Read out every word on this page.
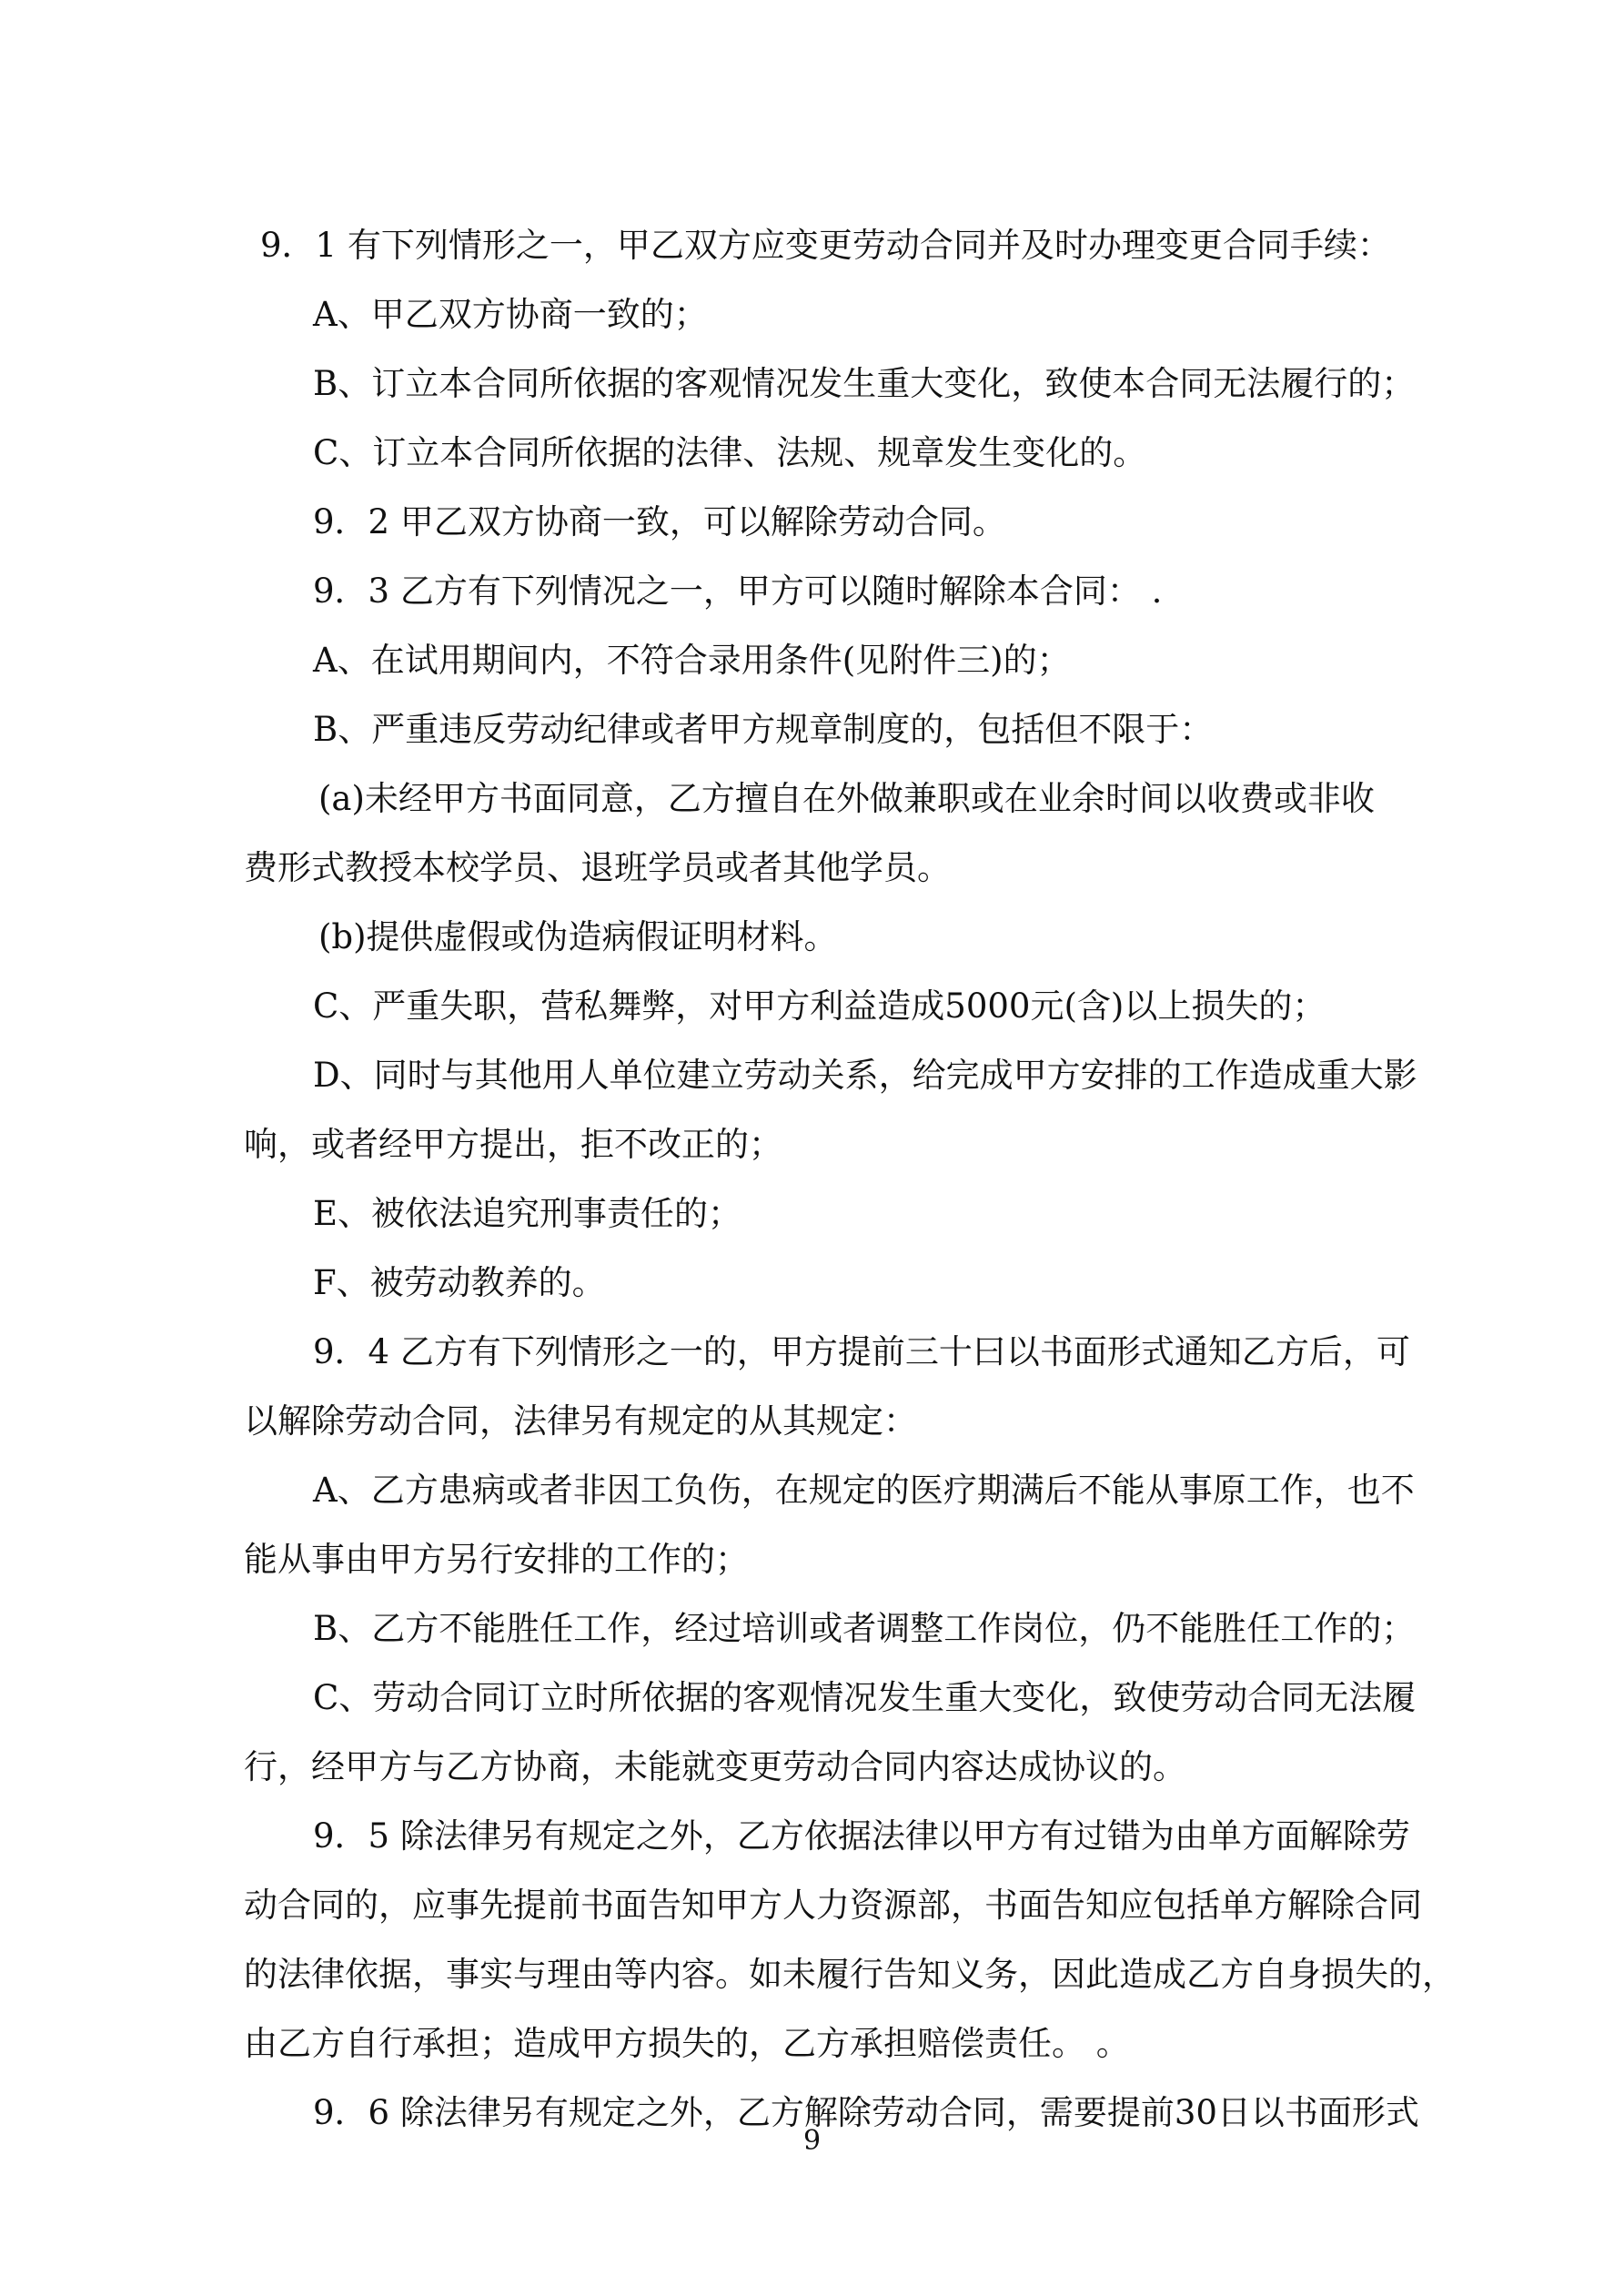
9．1 有下列情形之一，甲乙双方应变更劳动合同并及时办理变更合同手续：
A、甲乙双方协商一致的；
B、订立本合同所依据的客观情况发生重大变化，致使本合同无法履行的；
C、订立本合同所依据的法律、法规、规章发生变化的。
9．2 甲乙双方协商一致，可以解除劳动合同。
9．3 乙方有下列情况之一，甲方可以随时解除本合同： .
A、在试用期间内，不符合录用条件(见附件三)的；
B、严重违反劳动纪律或者甲方规章制度的，包括但不限于：
(a)未经甲方书面同意，乙方擅自在外做兼职或在业余时间以收费或非收
费形式教授本校学员、退班学员或者其他学员。
(b)提供虚假或伪造病假证明材料。
C、严重失职，营私舞弊，对甲方利益造成5000元(含)以上损失的；
D、同时与其他用人单位建立劳动关系，给完成甲方安排的工作造成重大影
响，或者经甲方提出，拒不改正的；
E、被依法追究刑事责任的；
F、被劳动教养的。
9．4 乙方有下列情形之一的，甲方提前三十曰以书面形式通知乙方后，可
以解除劳动合同，法律另有规定的从其规定：
A、乙方患病或者非因工负伤，在规定的医疗期满后不能从事原工作，也不
能从事由甲方另行安排的工作的；
B、乙方不能胜任工作，经过培训或者调整工作岗位，仍不能胜任工作的；
C、劳动合同订立时所依据的客观情况发生重大变化，致使劳动合同无法履
行，经甲方与乙方协商，未能就变更劳动合同内容达成协议的。
9．5 除法律另有规定之外，乙方依据法律以甲方有过错为由单方面解除劳
动合同的，应事先提前书面告知甲方人力资源部，书面告知应包括单方解除合同
的法律依据，事实与理由等内容。如未履行告知义务，因此造成乙方自身损失的，
由乙方自行承担；造成甲方损失的，乙方承担赔偿责任。 。
9．6 除法律另有规定之外，乙方解除劳动合同，需要提前30日以书面形式
9
